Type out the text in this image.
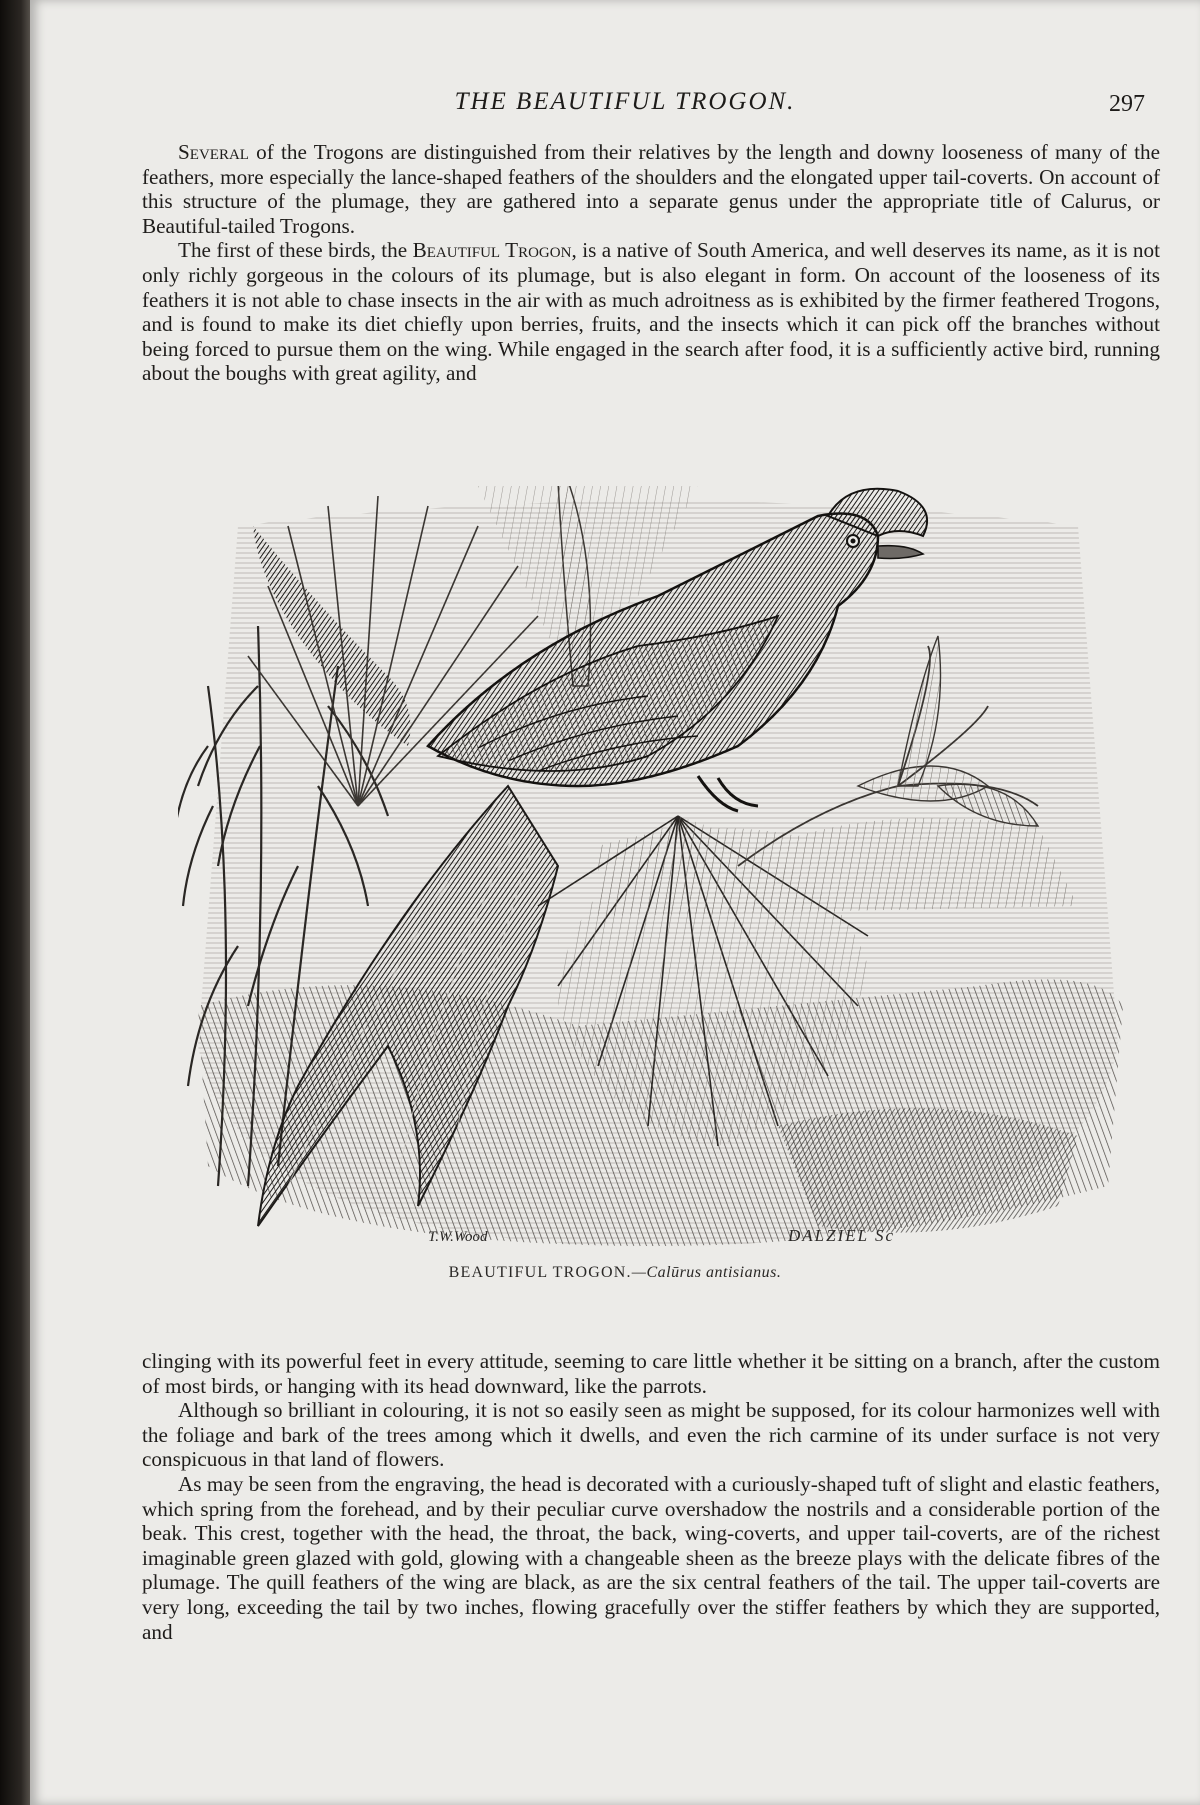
THE BEAUTIFUL TROGON.	297

Several of the Trogons are distinguished from their relatives by the length and downy looseness of many of the feathers, more especially the lance-shaped feathers of the shoulders and the elongated upper tail-coverts. On account of this structure of the plumage, they are gathered into a separate genus under the appropriate title of Calurus, or Beautiful-tailed Trogons.

The first of these birds, the Beautiful Trogon, is a native of South America, and well deserves its name, as it is not only richly gorgeous in the colours of its plumage, but is also elegant in form. On account of the looseness of its feathers it is not able to chase insects in the air with as much adroitness as is exhibited by the firmer feathered Trogons, and is found to make its diet chiefly upon berries, fruits, and the insects which it can pick off the branches without being forced to pursue them on the wing. While engaged in the search after food, it is a sufficiently active bird, running about the boughs with great agility, and

T.W.Wood	DALZIEL Sc
BEAUTIFUL TROGON.—Calūrus antisianus.

clinging with its powerful feet in every attitude, seeming to care little whether it be sitting on a branch, after the custom of most birds, or hanging with its head downward, like the parrots.

Although so brilliant in colouring, it is not so easily seen as might be supposed, for its colour harmonizes well with the foliage and bark of the trees among which it dwells, and even the rich carmine of its under surface is not very conspicuous in that land of flowers.

As may be seen from the engraving, the head is decorated with a curiously-shaped tuft of slight and elastic feathers, which spring from the forehead, and by their peculiar curve overshadow the nostrils and a considerable portion of the beak. This crest, together with the head, the throat, the back, wing-coverts, and upper tail-coverts, are of the richest imaginable green glazed with gold, glowing with a changeable sheen as the breeze plays with the delicate fibres of the plumage. The quill feathers of the wing are black, as are the six central feathers of the tail. The upper tail-coverts are very long, exceeding the tail by two inches, flowing gracefully over the stiffer feathers by which they are supported, and
